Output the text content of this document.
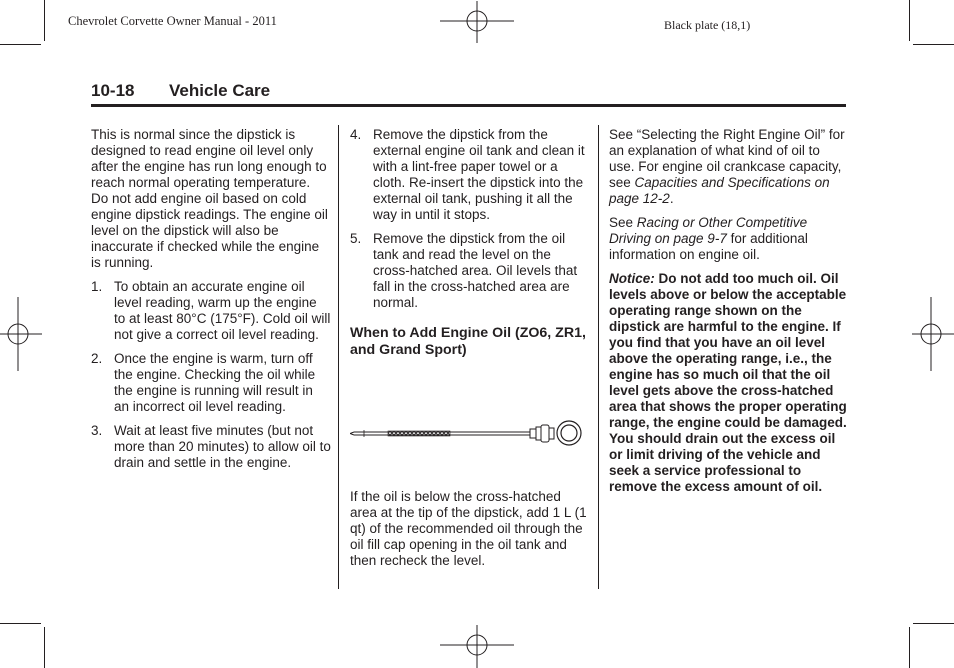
Chevrolet Corvette Owner Manual - 2011	Black plate (18,1)
10-18 Vehicle Care

This is normal since the dipstick is designed to read engine oil level only after the engine has run long enough to reach normal operating temperature. Do not add engine oil based on cold engine dipstick readings. The engine oil level on the dipstick will also be inaccurate if checked while the engine is running.

1. To obtain an accurate engine oil level reading, warm up the engine to at least 80°C (175°F). Cold oil will not give a correct oil level reading.
2. Once the engine is warm, turn off the engine. Checking the oil while the engine is running will result in an incorrect oil level reading.
3. Wait at least five minutes (but not more than 20 minutes) to allow oil to drain and settle in the engine.
4. Remove the dipstick from the external engine oil tank and clean it with a lint-free paper towel or a cloth. Re-insert the dipstick into the external oil tank, pushing it all the way in until it stops.
5. Remove the dipstick from the oil tank and read the level on the cross-hatched area. Oil levels that fall in the cross-hatched area are normal.
When to Add Engine Oil (ZO6, ZR1, and Grand Sport)

If the oil is below the cross-hatched area at the tip of the dipstick, add 1 L (1 qt) of the recommended oil through the oil fill cap opening in the oil tank and then recheck the level.

See “Selecting the Right Engine Oil” for an explanation of what kind of oil to use. For engine oil crankcase capacity, see Capacities and Specifications on page 12-2.

See Racing or Other Competitive Driving on page 9-7 for additional information on engine oil.

Notice: Do not add too much oil. Oil levels above or below the acceptable operating range shown on the dipstick are harmful to the engine. If you find that you have an oil level above the operating range, i.e., the engine has so much oil that the oil level gets above the cross-hatched area that shows the proper operating range, the engine could be damaged. You should drain out the excess oil or limit driving of the vehicle and seek a service professional to remove the excess amount of oil.
